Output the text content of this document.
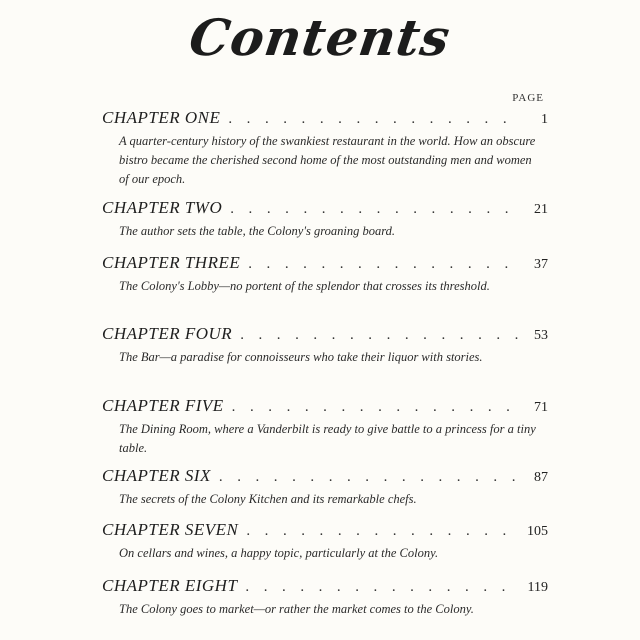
Contents
PAGE
CHAPTER ONE . . .	1
A quarter-century history of the swankiest restaurant in the world. How an obscure bistro became the cherished second home of the most outstanding men and women of our epoch.
CHAPTER TWO . . .	21
The author sets the table, the Colony's groaning board.
CHAPTER THREE . . .	37
The Colony's Lobby—no portent of the splendor that crosses its threshold.
CHAPTER FOUR . . .	53
The Bar—a paradise for connoisseurs who take their liquor with stories.
CHAPTER FIVE . . .	71
The Dining Room, where a Vanderbilt is ready to give battle to a princess for a tiny table.
CHAPTER SIX . . .	87
The secrets of the Colony Kitchen and its remarkable chefs.
CHAPTER SEVEN . . .	105
On cellars and wines, a happy topic, particularly at the Colony.
CHAPTER EIGHT . . .	119
The Colony goes to market—or rather the market comes to the Colony.
